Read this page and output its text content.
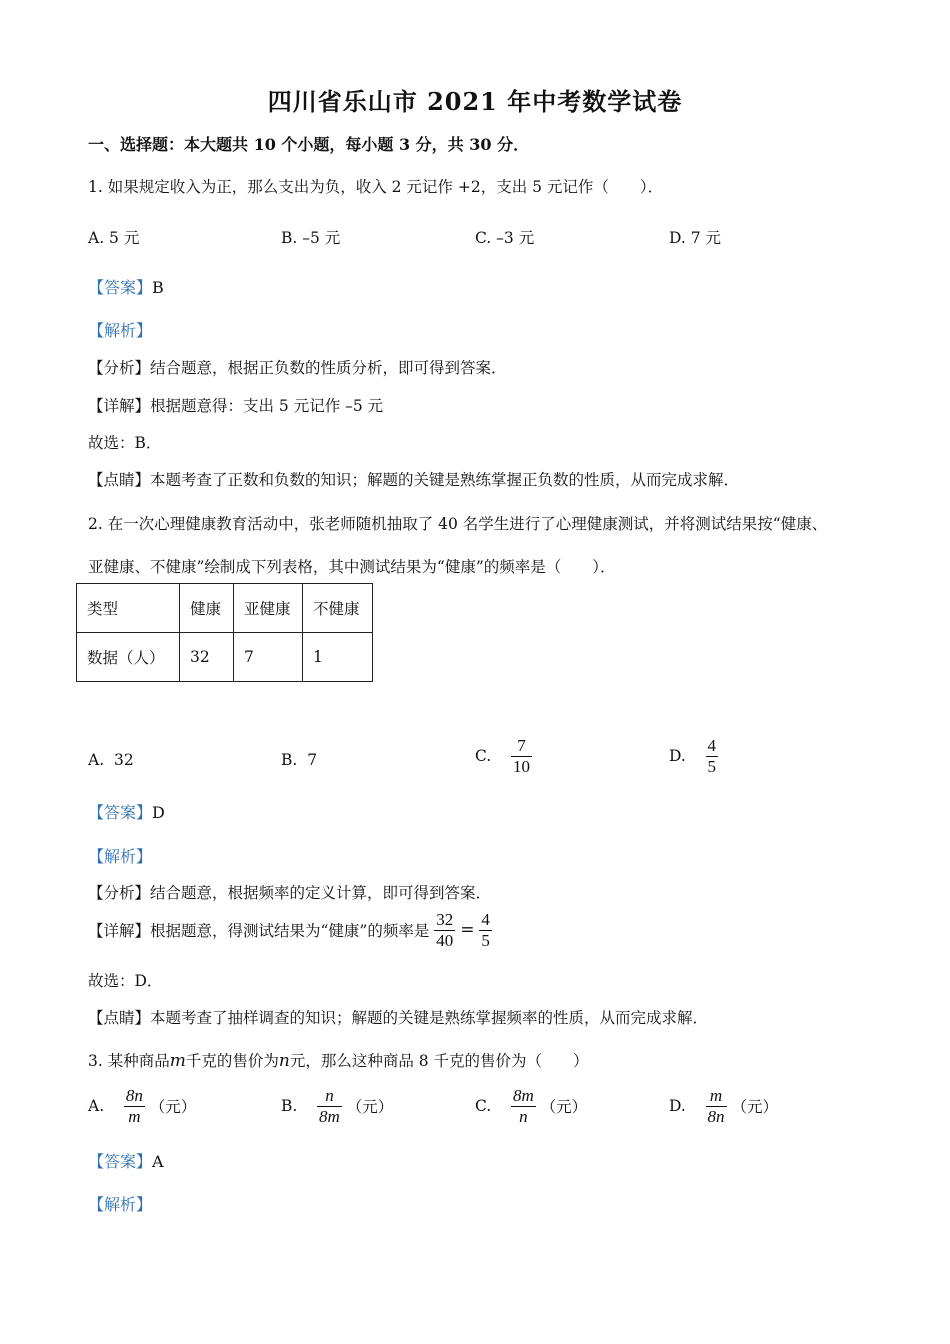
四川省乐山市 2021 年中考数学试卷
一、选择题：本大题共 10 个小题，每小题 3 分，共 30 分．
1. 如果规定收入为正，那么支出为负，收入 2 元记作 +2，支出 5 元记作（　　）．
A. 5 元	B. –5 元	C. –3 元	D. 7 元
【答案】B
【解析】
【分析】结合题意，根据正负数的性质分析，即可得到答案．
【详解】根据题意得：支出 5 元记作 –5 元
故选：B．
【点睛】本题考查了正数和负数的知识；解题的关键是熟练掌握正负数的性质，从而完成求解．
2. 在一次心理健康教育活动中，张老师随机抽取了 40 名学生进行了心理健康测试，并将测试结果按“健康、
亚健康、不健康”绘制成下列表格，其中测试结果为“健康”的频率是（　　）．
类型	健康	亚健康	不健康
数据（人）	32	7	1
A. 32	B. 7	C. $\frac{7}{10}$	D. $\frac{4}{5}$
【答案】D
【解析】
【分析】结合题意，根据频率的定义计算，即可得到答案．
【详解】根据题意，得测试结果为“健康”的频率是 $\frac{32}{40} = \frac{4}{5}$
故选：D．
【点睛】本题考查了抽样调查的知识；解题的关键是熟练掌握频率的性质，从而完成求解．
3. 某种商品m千克的售价为n元，那么这种商品 8 千克的售价为（　　）
A. $\frac{8n}{m}$ （元）	B. $\frac{n}{8m}$ （元）	C. $\frac{8m}{n}$ （元）	D. $\frac{m}{8n}$ （元）
【答案】A
【解析】
